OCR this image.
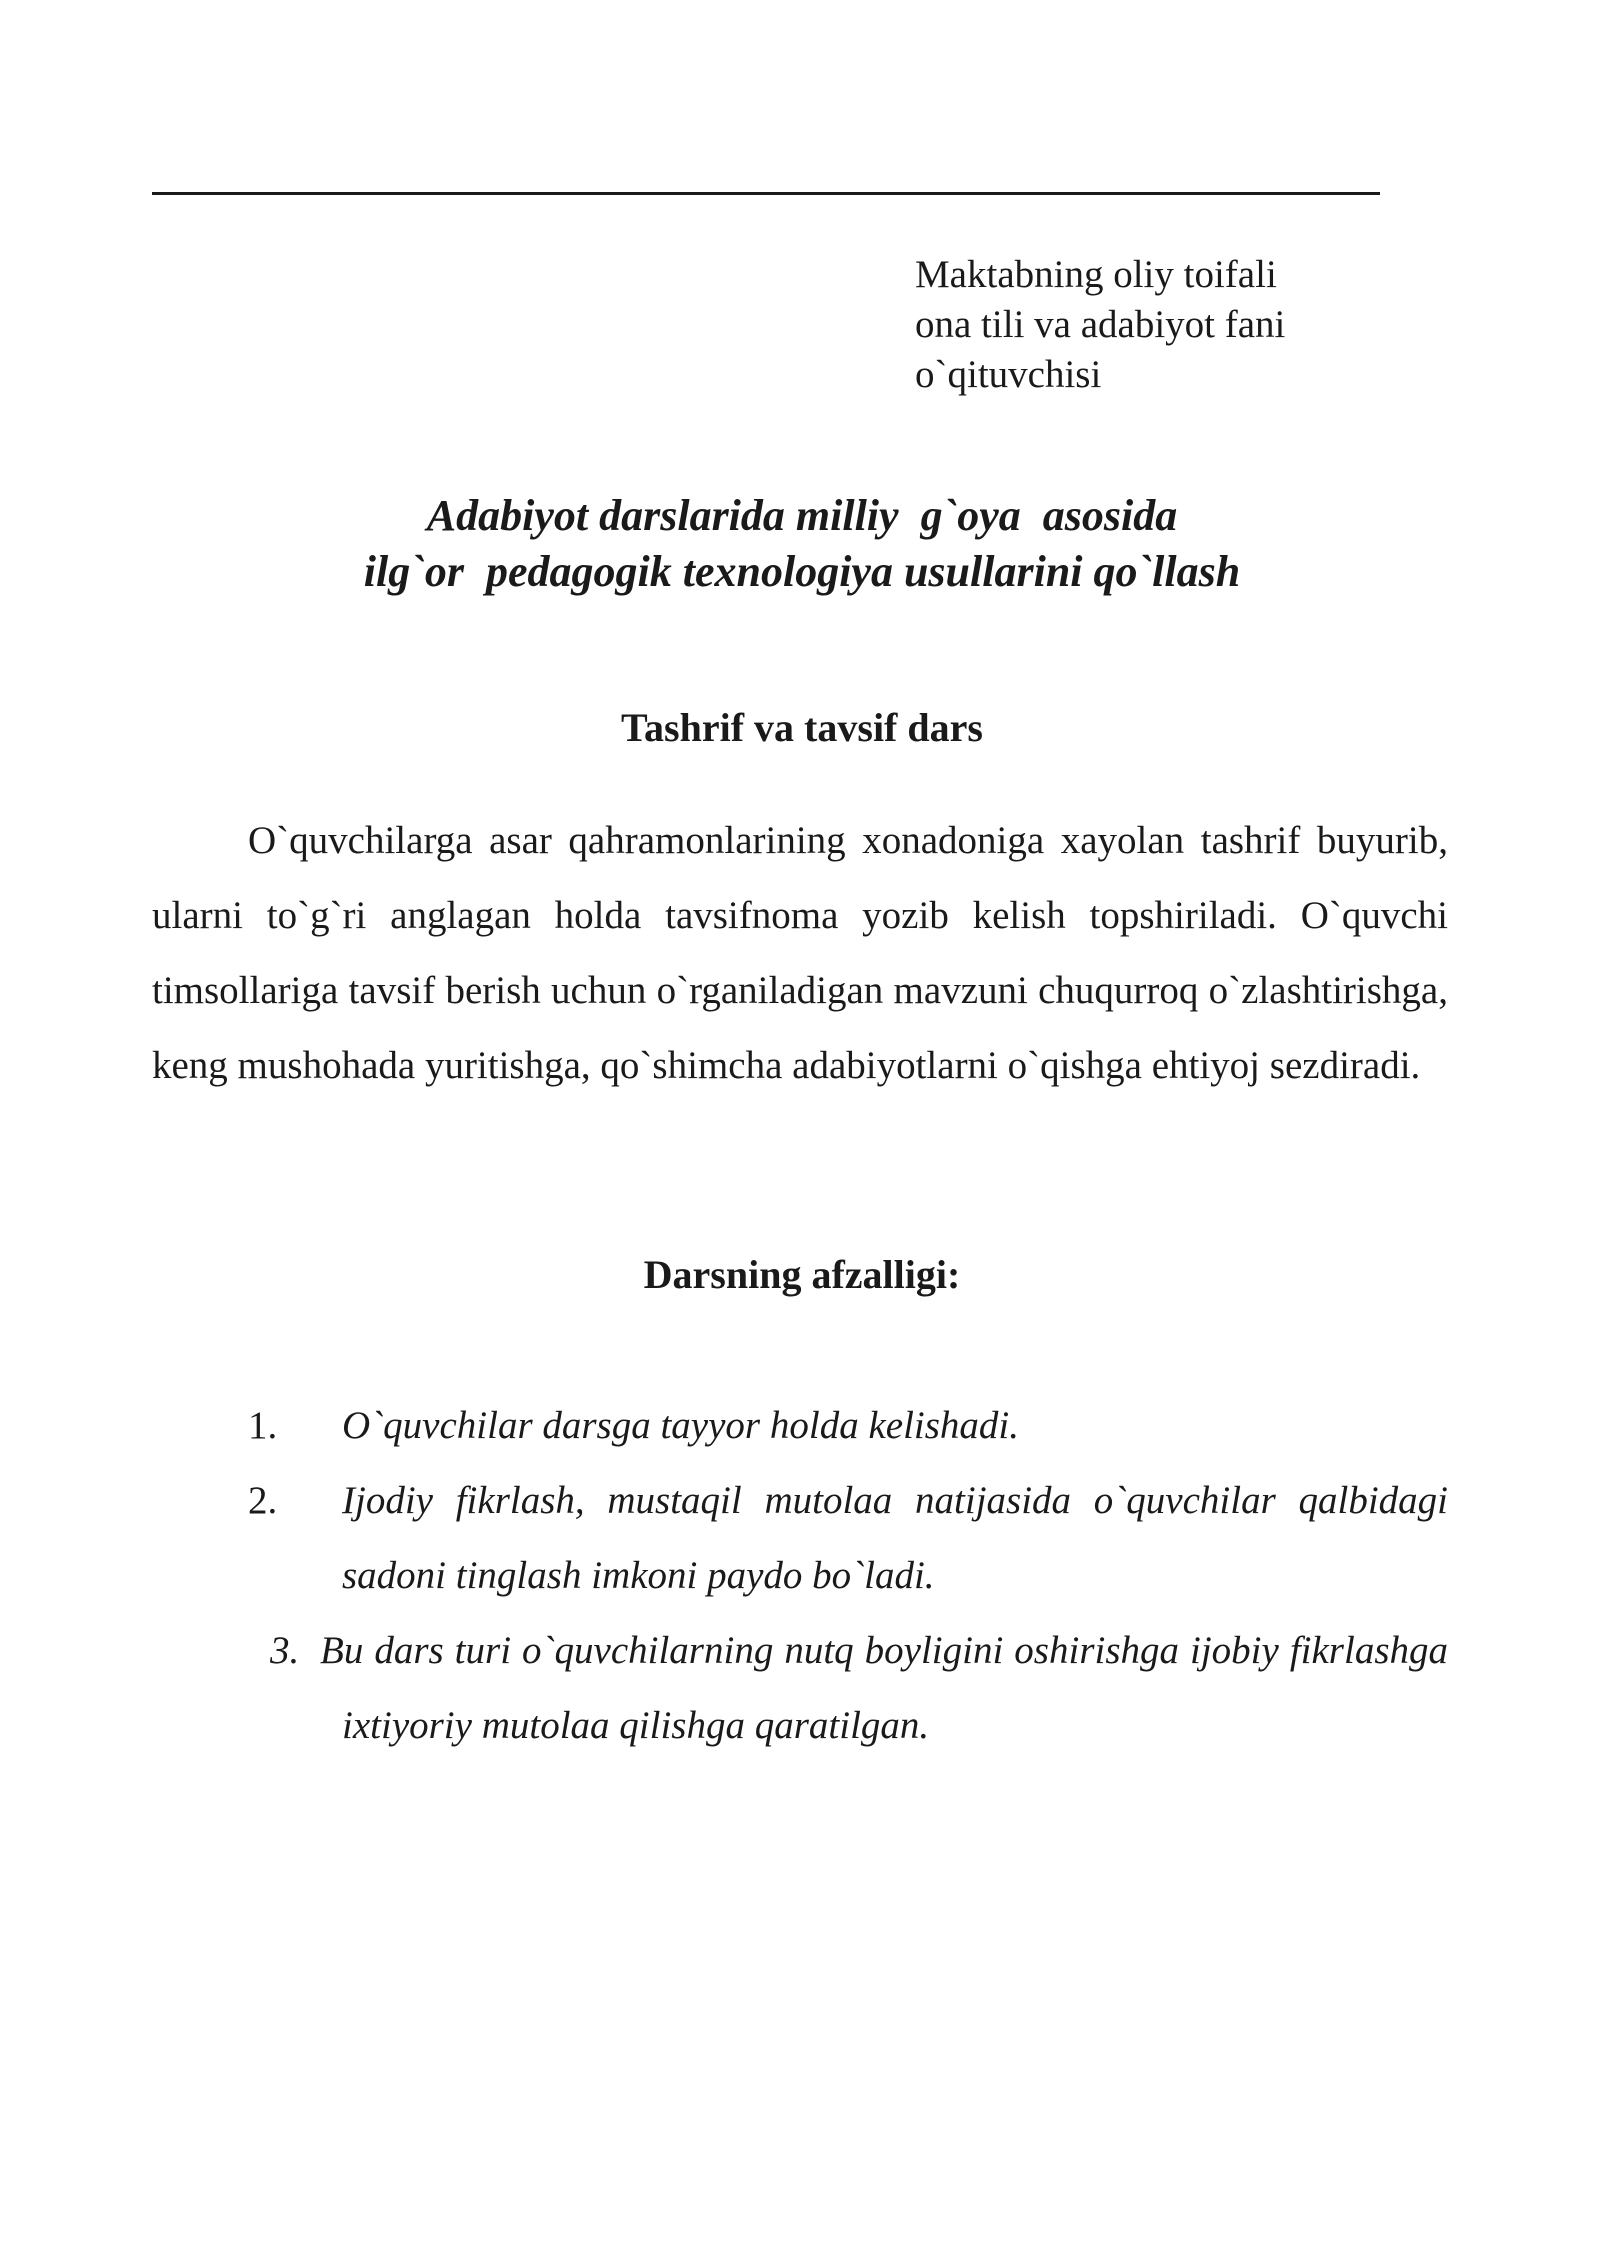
Maktabning oliy toifali
ona tili va adabiyot fani
o`qituvchisi
Adabiyot darslarida milliy  g`oya  asosida
ilg`or  pedagogik texnologiya usullarini qo`llash
Tashrif va tavsif dars

O`quvchilarga asar qahramonlarining xonadoniga xayolan tashrif buyurib, ularni to`g`ri anglagan holda tavsifnoma yozib kelish topshiriladi. O`quvchi timsollariga tavsif berish uchun o`rganiladigan mavzuni chuqurroq o`zlashtirishga, keng mushohada yuritishga, qo`shimcha adabiyotlarni o`qishga ehtiyoj sezdiradi.

Darsning afzalligi:
1. O`quvchilar darsga tayyor holda kelishadi.
2. Ijodiy fikrlash, mustaqil mutolaa natijasida o`quvchilar qalbidagi sadoni tinglash imkoni paydo bo`ladi.
3. Bu dars turi o`quvchilarning nutq boyligini oshirishga ijobiy fikrlashga ixtiyoriy mutolaa qilishga qaratilgan.
